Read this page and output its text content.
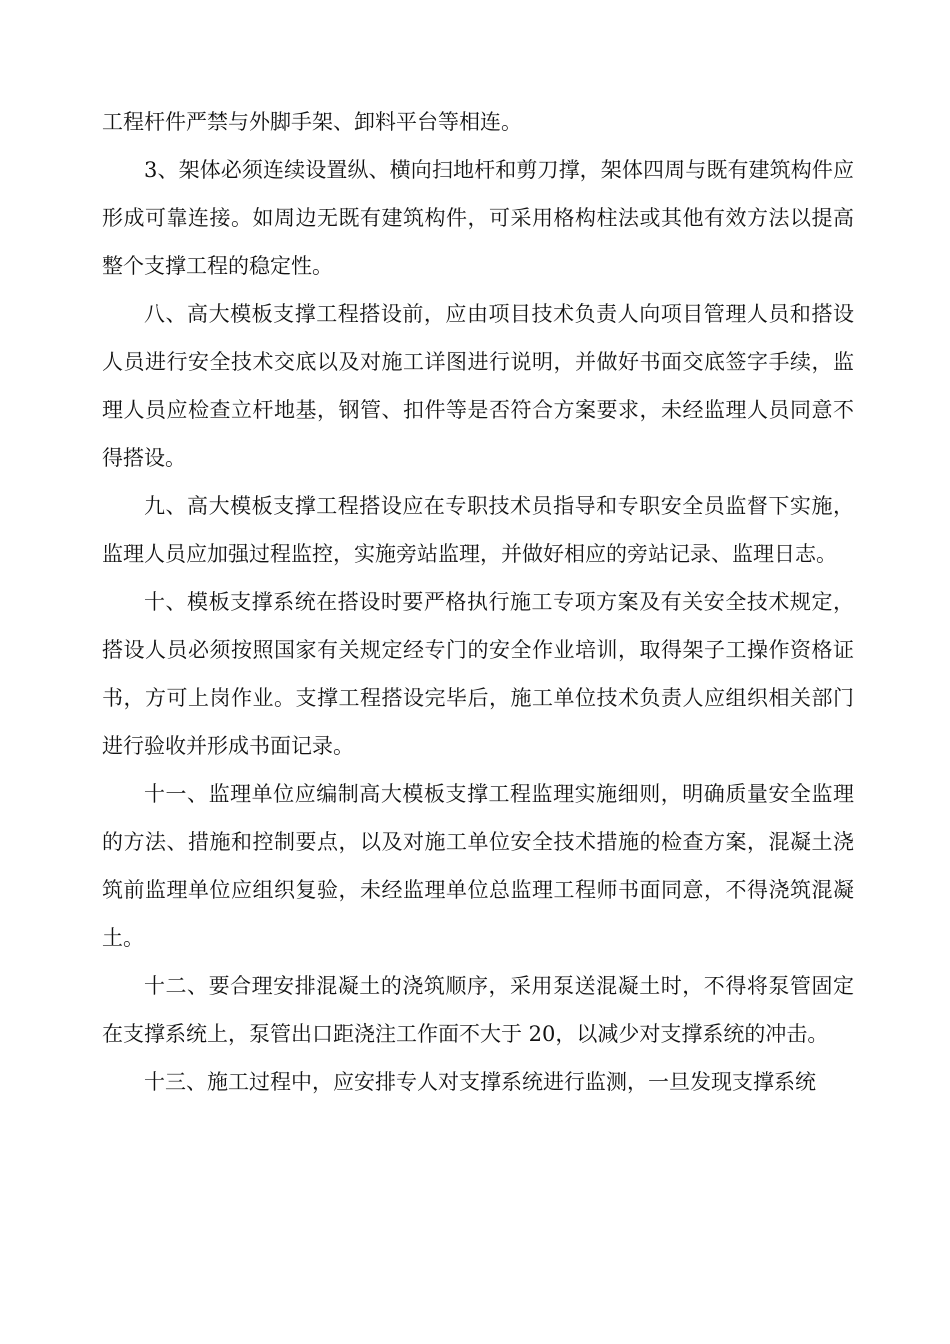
工程杆件严禁与外脚手架、卸料平台等相连。

3、架体必须连续设置纵、横向扫地杆和剪刀撑，架体四周与既有建筑构件应形成可靠连接。如周边无既有建筑构件，可采用格构柱法或其他有效方法以提高整个支撑工程的稳定性。

八、高大模板支撑工程搭设前，应由项目技术负责人向项目管理人员和搭设人员进行安全技术交底以及对施工详图进行说明，并做好书面交底签字手续，监理人员应检查立杆地基，钢管、扣件等是否符合方案要求，未经监理人员同意不得搭设。

九、高大模板支撑工程搭设应在专职技术员指导和专职安全员监督下实施，监理人员应加强过程监控，实施旁站监理，并做好相应的旁站记录、监理日志。

十、模板支撑系统在搭设时要严格执行施工专项方案及有关安全技术规定，搭设人员必须按照国家有关规定经专门的安全作业培训，取得架子工操作资格证书，方可上岗作业。支撑工程搭设完毕后，施工单位技术负责人应组织相关部门进行验收并形成书面记录。

十一、监理单位应编制高大模板支撑工程监理实施细则，明确质量安全监理的方法、措施和控制要点，以及对施工单位安全技术措施的检查方案，混凝土浇筑前监理单位应组织复验，未经监理单位总监理工程师书面同意，不得浇筑混凝土。

十二、要合理安排混凝土的浇筑顺序，采用泵送混凝土时，不得将泵管固定在支撑系统上，泵管出口距浇注工作面不大于 20，以减少对支撑系统的冲击。

十三、施工过程中，应安排专人对支撑系统进行监测，一旦发现支撑系统
